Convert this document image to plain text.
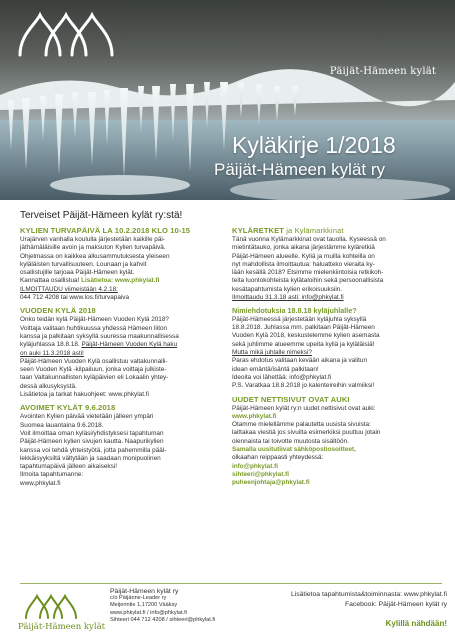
Päijät-Hämeen kylät
Kyläkirje 1/2018
Päijät-Hämeen kylät ry
Terveiset Päijät-Hämeen kylät ry:stä!
KYLIEN TURVAPÄIVÄ LA 10.2.2018 KLO 10-15
Urajärven vanhalla koululla järjestetään kaikille päi-
jäthämäläisille avoin ja maksuton Kylien turvapäivä.
Ohjelmassa on kaikkea alkusammutuksesta yleiseen
kyläläisten turvallisuuteen. Lounaan ja kahvit
osallistujille tarjoaa Päijät-Hämeen kylät.
Kannattaa osallistua! Lisätietoa: www.phkylat.fi
ILMOITTAUDU viimeistään 4.2.18:
044 712 4208 tai www.los.fi/turvapaiva
VUODEN KYLÄ 2018
Onko teidän kylä Päijät-Hämeen Vuoden Kylä 2018?
Voittaja valitaan huhtikuussa yhdessä Hämeen liiton
kanssa ja palkitaan syksyllä suuressa maakunnallisessa
kyläjuhlassa 18.8.18. Päijät-Hämeen Vuoden Kylä haku
on auki 11.3.2018 asti!
Päijät-Hämeen Vuoden Kylä osallistuu valtakunnalli-
seen Vuoden Kylä -kilpailuun, jonka voittaja julkiste-
taan Valtakunnallisten kyläpäivien eli Lokaalin yhtey-
dessä alkusyksystä.
Lisätietoa ja tarkat hakuohjeet: www.phkylat.fi
AVOIMET KYLÄT 9.6.2018
Avointen Kylien päivää vietetään jälleen ympäri
Suomea lauantaina 9.6.2018.
Voit ilmoittaa oman kyläsi/yhdistyksesi tapahtuman
Päijät-Hämeen kylien sivujen kautta. Naapurikylien
kanssa voi tehdä yhteistyötä, jotta pahemmilla pääl-
lekkäisyyksiltä vältytään ja saadaan monipuolinen
tapahtumapäivä jälleen aikaiseksi!
Ilmoita tapahtumanne:
www.phkylat.fi
KYLÄRETKET ja Kylämarkkinat
Tänä vuonna Kylämarkkinat ovat tauolla. Kyseessä on
mietintätauko, jonka aikana järjestämme kyläretkiä
Päijät-Hämeen alueelle. Kyliä ja muilla kohteilla on
nyt mahdollista ilmoittautua: haluatteko vieraita ky-
lään kesällä 2018? Etsimme mielenkiintoisia retkikoh-
teita luontokohteista kylätaloihin sekä persoonallisista
kesätapahtumista kylien erikoisuuksiin.
Ilmoittaudu 31.3.18 asti: info@phkylat.fi
Nimiehdotuksia 18.8.18 kyläjuhlalle?
Päijät-Hämeessä järjestetään kyläjuhla syksyllä
18.8.2018. Juhlassa mm. palkitaan Päijät-Hämeen
Vuoden Kylä 2018, keskustelemme kylien asemasta
sekä juhlimme alueemme upeita kyliä ja kyläläisiä!
Mutta mikä juhlalle nimeksi?
Paras ehdotus valitaan kevään aikana ja valitun
idean emäntä/isäntä palkitaan!
Ideoita voi lähettää: info@phkylat.fi
P.S. Varatkaa 18.8.2018 jo kalenteireihin valmiiksi!
UUDET NETTISIVUT OVAT AUKI
Päijät-Hämeen kylät ry:n uudet nettisivut ovat auki:
www.phkylat.fi
Otamme mielellämme palautetta uusista sivuista:
laittakaa viestiä jos sivuilta esimerkiksi puuttuu jotain
olennaista tai toivotte muutosta sisältöön.
Samalla uusitutiivat sähköpostiosoitteet,
olkaahan reippaasti yhteydessä:
info@phkylat.fi
sihteeri@phkylat.fi
puheenjohtaja@phkylat.fi
Päijät-Hämeen kylät
Päijät-Hämeen kylät ry
c/o Päijänne-Leader ry
Meijerintie 1,17200 Vääksy
www.phkylat.fi / info@phkylat.fi
Sihteeri 044 712 4208 / sihteeri@phkylat.fi
Lisätietoa tapahtumista&toiminnasta: www.phkylat.fi
Facebook: Päijät-Hämeen kylät ry
Kylillä nähdään!
